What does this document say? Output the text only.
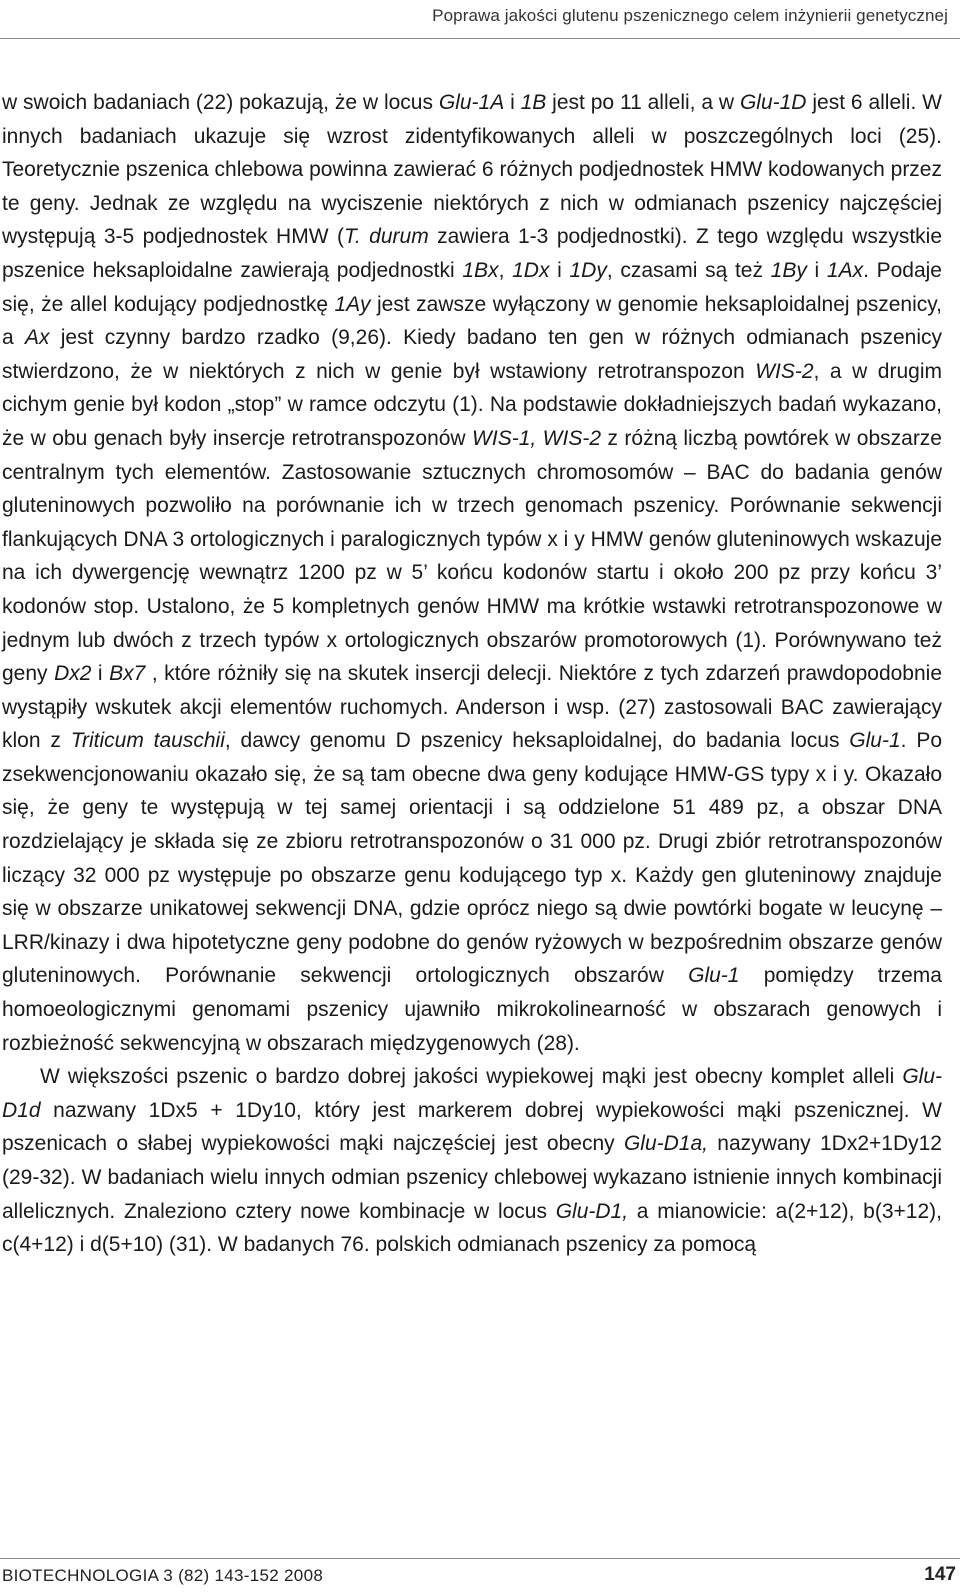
Poprawa jakości glutenu pszenicznego celem inżynierii genetycznej

w swoich badaniach (22) pokazują, że w locus Glu-1A i 1B jest po 11 alleli, a w Glu-1D jest 6 alleli. W innych badaniach ukazuje się wzrost zidentyfikowanych alleli w poszczególnych loci (25). Teoretycznie pszenica chlebowa powinna zawierać 6 różnych podjednostek HMW kodowanych przez te geny. Jednak ze względu na wyciszenie niektórych z nich w odmianach pszenicy najczęściej występują 3-5 podjednostek HMW (T. durum zawiera 1-3 podjednostki). Z tego względu wszystkie pszenice heksaploidalne zawierają podjednostki 1Bx, 1Dx i 1Dy, czasami są też 1By i 1Ax. Podaje się, że allel kodujący podjednostkę 1Ay jest zawsze wyłączony w genomie heksaploidalnej pszenicy, a Ax jest czynny bardzo rzadko (9,26). Kiedy badano ten gen w różnych odmianach pszenicy stwierdzono, że w niektórych z nich w genie był wstawiony retrotranspozon WIS-2, a w drugim cichym genie był kodon „stop” w ramce odczytu (1). Na podstawie dokładniejszych badań wykazano, że w obu genach były insercje retrotranspozonów WIS-1, WIS-2 z różną liczbą powtórek w obszarze centralnym tych elementów. Zastosowanie sztucznych chromosomów – BAC do badania genów gluteninowych pozwoliło na porównanie ich w trzech genomach pszenicy. Porównanie sekwencji flankujących DNA 3 ortologicznych i paralogicznych typów x i y HMW genów gluteninowych wskazuje na ich dywergencję wewnątrz 1200 pz w 5’ końcu kodonów startu i około 200 pz przy końcu 3’ kodonów stop. Ustalono, że 5 kompletnych genów HMW ma krótkie wstawki retrotranspozonowe w jednym lub dwóch z trzech typów x ortologicznych obszarów promotorowych (1). Porównywano też geny Dx2 i Bx7 , które różniły się na skutek insercji delecji. Niektóre z tych zdarzeń prawdopodobnie wystąpiły wskutek akcji elementów ruchomych. Anderson i wsp. (27) zastosowali BAC zawierający klon z Triticum tauschii, dawcy genomu D pszenicy heksaploidalnej, do badania locus Glu-1. Po zsekwencjonowaniu okazało się, że są tam obecne dwa geny kodujące HMW-GS typy x i y. Okazało się, że geny te występują w tej samej orientacji i są oddzielone 51 489 pz, a obszar DNA rozdzielający je składa się ze zbioru retrotranspozonów o 31 000 pz. Drugi zbiór retrotranspozonów liczący 32 000 pz występuje po obszarze genu kodującego typ x. Każdy gen gluteninowy znajduje się w obszarze unikatowej sekwencji DNA, gdzie oprócz niego są dwie powtórki bogate w leucynę – LRR/kinazy i dwa hipotetyczne geny podobne do genów ryżowych w bezpośrednim obszarze genów gluteninowych. Porównanie sekwencji ortologicznych obszarów Glu-1 pomiędzy trzema homoeologicznymi genomami pszenicy ujawniło mikrokolinearność w obszarach genowych i rozbieżność sekwencyjną w obszarach międzygenowych (28).

W większości pszenic o bardzo dobrej jakości wypiekowej mąki jest obecny komplet alleli Glu-D1d nazwany 1Dx5 + 1Dy10, który jest markerem dobrej wypiekowości mąki pszenicznej. W pszenicach o słabej wypiekowości mąki najczęściej jest obecny Glu-D1a, nazywany 1Dx2+1Dy12 (29-32). W badaniach wielu innych odmian pszenicy chlebowej wykazano istnienie innych kombinacji allelicznych. Znaleziono cztery nowe kombinacje w locus Glu-D1, a mianowicie: a(2+12), b(3+12), c(4+12) i d(5+10) (31). W badanych 76. polskich odmianach pszenicy za pomocą

BIOTECHNOLOGIA 3 (82) 143-152 2008	147
